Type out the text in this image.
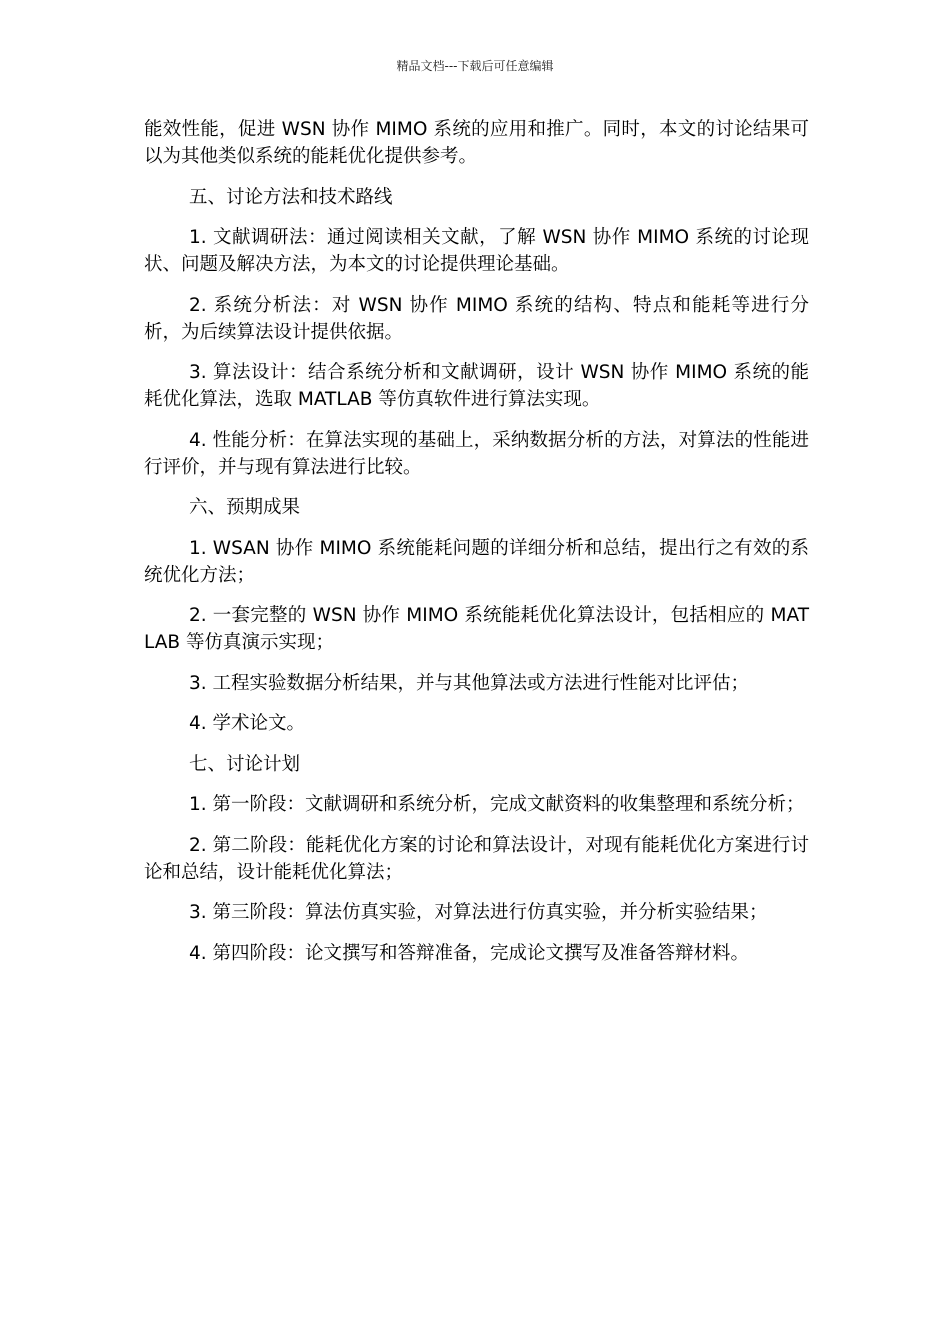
精品文档---下载后可任意编辑

能效性能，促进 WSN 协作 MIMO 系统的应用和推广。同时，本文的讨论结果可以为其他类似系统的能耗优化提供参考。

五、讨论方法和技术路线

1. 文献调研法：通过阅读相关文献，了解 WSN 协作 MIMO 系统的讨论现状、问题及解决方法，为本文的讨论提供理论基础。

2. 系统分析法：对 WSN 协作 MIMO 系统的结构、特点和能耗等进行分析，为后续算法设计提供依据。

3. 算法设计：结合系统分析和文献调研，设计 WSN 协作 MIMO 系统的能耗优化算法，选取 MATLAB 等仿真软件进行算法实现。

4. 性能分析：在算法实现的基础上，采纳数据分析的方法，对算法的性能进行评价，并与现有算法进行比较。

六、预期成果

1. WSAN 协作 MIMO 系统能耗问题的详细分析和总结，提出行之有效的系统优化方法；

2. 一套完整的 WSN 协作 MIMO 系统能耗优化算法设计，包括相应的 MATLAB 等仿真演示实现；

3. 工程实验数据分析结果，并与其他算法或方法进行性能对比评估；

4. 学术论文。

七、讨论计划

1. 第一阶段：文献调研和系统分析，完成文献资料的收集整理和系统分析；

2. 第二阶段：能耗优化方案的讨论和算法设计，对现有能耗优化方案进行讨论和总结，设计能耗优化算法；

3. 第三阶段：算法仿真实验，对算法进行仿真实验，并分析实验结果；

4. 第四阶段：论文撰写和答辩准备，完成论文撰写及准备答辩材料。
